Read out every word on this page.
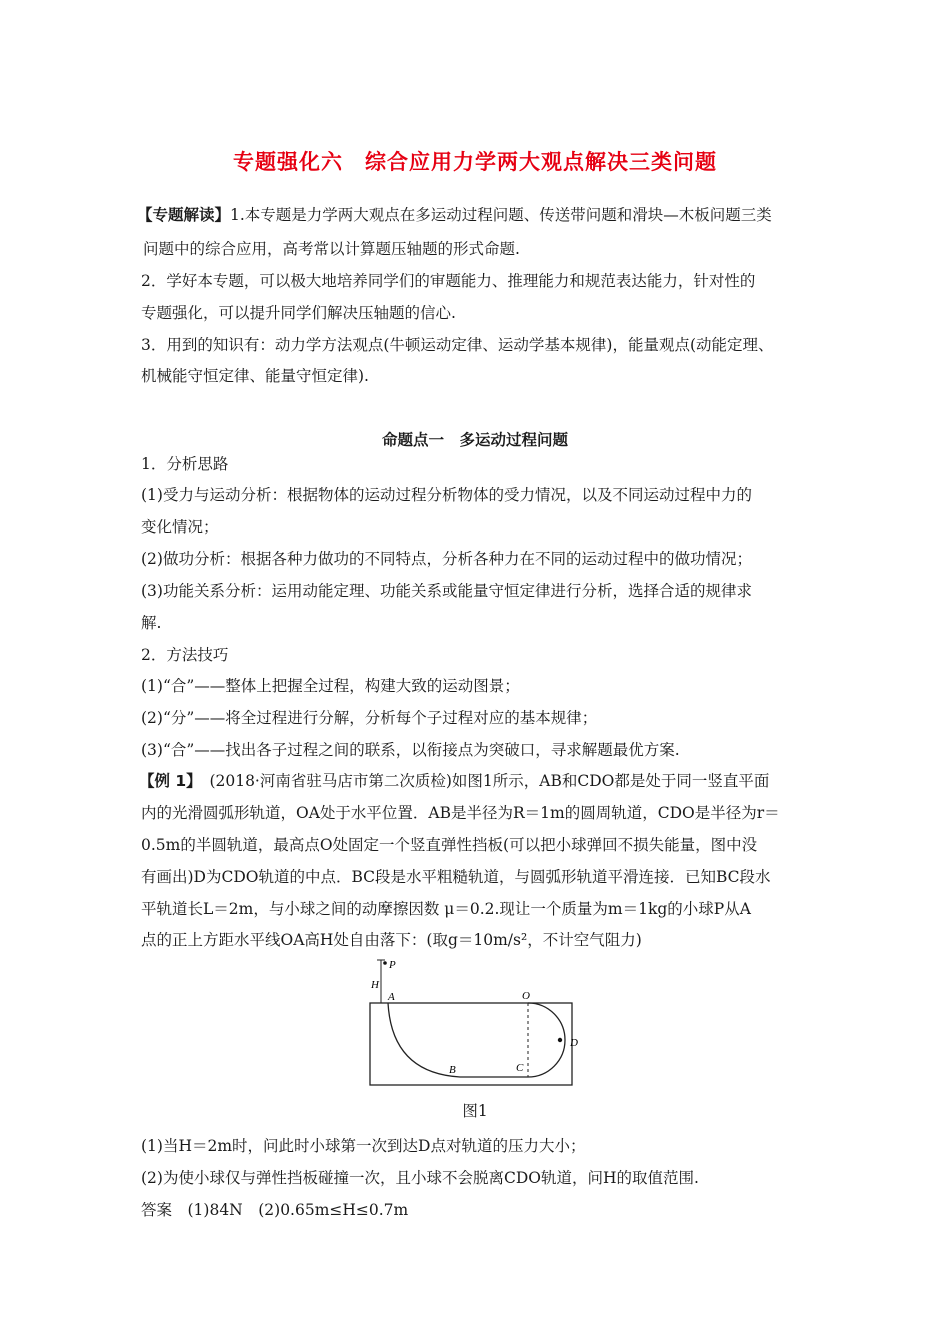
专题强化六　综合应用力学两大观点解决三类问题
【专题解读】1.本专题是力学两大观点在多运动过程问题、传送带问题和滑块—木板问题三类
问题中的综合应用，高考常以计算题压轴题的形式命题.
2．学好本专题，可以极大地培养同学们的审题能力、推理能力和规范表达能力，针对性的
专题强化，可以提升同学们解决压轴题的信心.
3．用到的知识有：动力学方法观点(牛顿运动定律、运动学基本规律)，能量观点(动能定理、
机械能守恒定律、能量守恒定律).
命题点一　多运动过程问题
1．分析思路
(1)受力与运动分析：根据物体的运动过程分析物体的受力情况，以及不同运动过程中力的
变化情况；
(2)做功分析：根据各种力做功的不同特点，分析各种力在不同的运动过程中的做功情况；
(3)功能关系分析：运用动能定理、功能关系或能量守恒定律进行分析，选择合适的规律求
解.
2．方法技巧
(1)“合”——整体上把握全过程，构建大致的运动图景；
(2)“分”——将全过程进行分解，分析每个子过程对应的基本规律；
(3)“合”——找出各子过程之间的联系，以衔接点为突破口，寻求解题最优方案.
【例 1】　(2018·河南省驻马店市第二次质检)如图1所示，AB和CDO都是处于同一竖直平面
内的光滑圆弧形轨道，OA处于水平位置．AB是半径为R＝1m的圆周轨道，CDO是半径为r＝
0.5m的半圆轨道，最高点O处固定一个竖直弹性挡板(可以把小球弹回不损失能量，图中没
有画出)D为CDO轨道的中点．BC段是水平粗糙轨道，与圆弧形轨道平滑连接．已知BC段水
平轨道长L＝2m，与小球之间的动摩擦因数 μ＝0.2.现让一个质量为m＝1kg的小球P从A
点的正上方距水平线OA高H处自由落下：(取g＝10m/s²，不计空气阻力)
P
H
A	O
D
B	C
图1
(1)当H＝2m时，问此时小球第一次到达D点对轨道的压力大小；
(2)为使小球仅与弹性挡板碰撞一次，且小球不会脱离CDO轨道，问H的取值范围.
答案　(1)84N　(2)0.65m≤H≤0.7m
